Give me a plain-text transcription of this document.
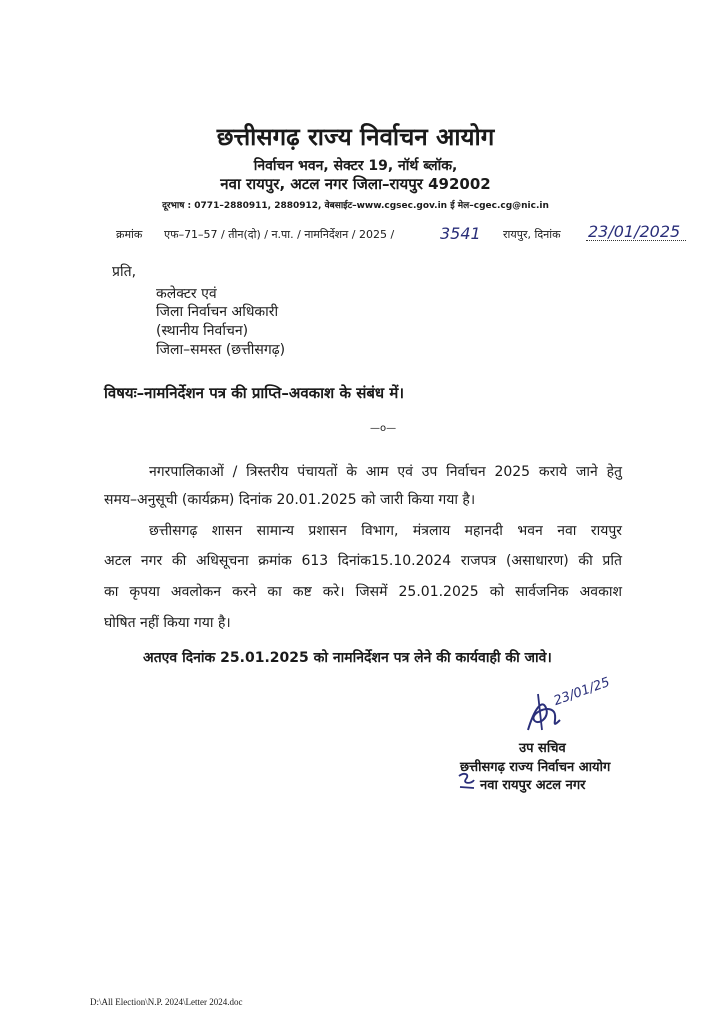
छत्तीसगढ़ राज्य निर्वाचन आयोग
निर्वाचन भवन, सेक्टर 19, नॉर्थ ब्लॉक,
नवा रायपुर, अटल नगर जिला–रायपुर 492002
दूरभाष : 0771–2880911, 2880912, वेबसाईट–www.cgsec.gov.in ई मेल–cgec.cg@nic.in
क्रमांक एफ–71–57 / तीन(दो) / न.पा. / नामनिर्देशन / 2025 /	3541 रायपुर, दिनांक 23/01/2025
प्रति,
कलेक्टर एवं
जिला निर्वाचन अधिकारी
(स्थानीय निर्वाचन)
जिला–समस्त (छत्तीसगढ़)
विषयः–नामनिर्देशन पत्र की प्राप्ति–अवकाश के संबंध में।
—o—
नगरपालिकाओं / त्रिस्तरीय पंचायतों के आम एवं उप निर्वाचन 2025 कराये जाने हेतु
समय–अनुसूची (कार्यक्रम) दिनांक 20.01.2025 को जारी किया गया है।
छत्तीसगढ़ शासन सामान्य प्रशासन विभाग, मंत्रलाय महानदी भवन नवा रायपुर
अटल नगर की अधिसूचना क्रमांक 613 दिनांक15.10.2024 राजपत्र (असाधारण) की प्रति
का कृपया अवलोकन करने का कष्ट करे। जिसमें 25.01.2025 को सार्वजनिक अवकाश
घोषित नहीं किया गया है।
अतएव दिनांक 25.01.2025 को नामनिर्देशन पत्र लेने की कार्यवाही की जावे।
23/01/25
उप सचिव
छत्तीसगढ़ राज्य निर्वाचन आयोग
नवा रायपुर अटल नगर
D:\All Election\N.P. 2024\Letter 2024.doc
